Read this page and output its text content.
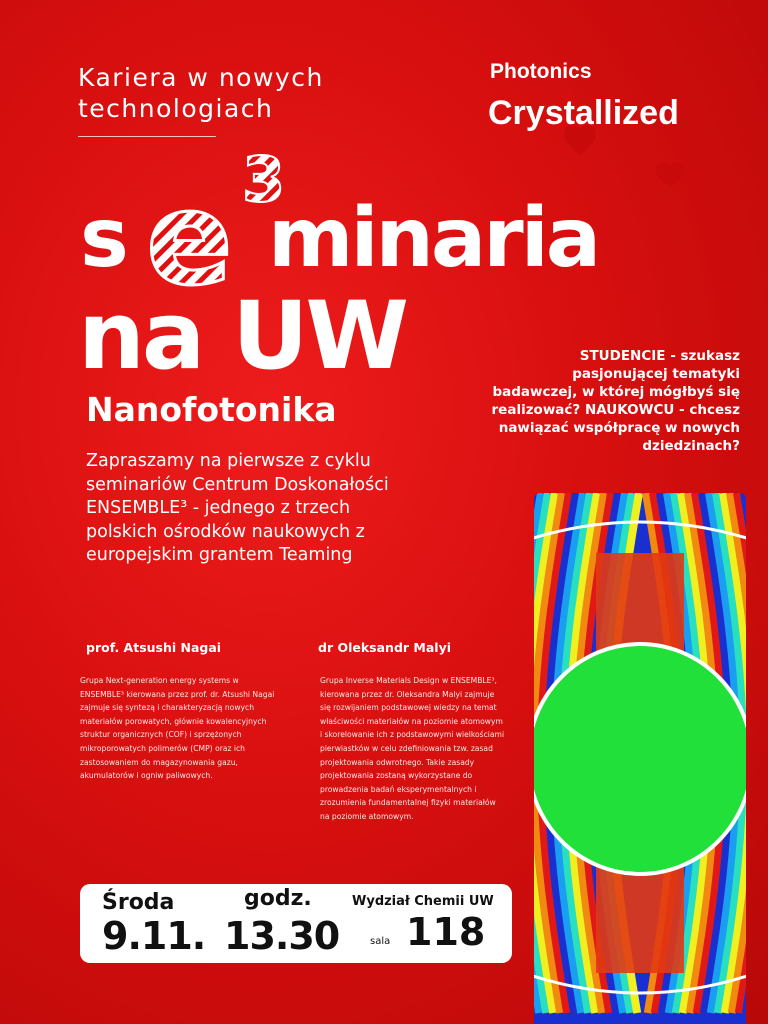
Kariera w nowych technologiach
Photonics
Crystallized
s e 3
minaria
na UW
Nanofotonika
STUDENCIE - szukasz pasjonującej tematyki badawczej, w której mógłbyś się realizować? NAUKOWCU - chcesz nawiązać współpracę w nowych dziedzinach?
Zapraszamy na pierwsze z cyklu seminariów Centrum Doskonałości ENSEMBLE³ - jednego z trzech polskich ośrodków naukowych z europejskim grantem Teaming
prof. Atsushi Nagai
Grupa Next-generation energy systems w ENSEMBLE³ kierowana przez prof. dr. Atsushi Nagai zajmuje się syntezą i charakteryzacją nowych materiałów porowatych, głównie kowalencyjnych struktur organicznych (COF) i sprzężonych mikroporowatych polimerów (CMP) oraz ich zastosowaniem do magazynowania gazu, akumulatorów i ogniw paliwowych.
dr Oleksandr Malyi
Grupa Inverse Materials Design w ENSEMBLE³, kierowana przez dr. Oleksandra Malyi zajmuje się rozwijaniem podstawowej wiedzy na temat właściwości materiałów na poziomie atomowym i skorelowanie ich z podstawowymi wielkościami pierwiastków w celu zdefiniowania tzw. zasad projektowania odwrotnego. Takie zasady projektowania zostaną wykorzystane do prowadzenia badań eksperymentalnych i zrozumienia fundamentalnej fizyki materiałów na poziomie atomowym.
Środa
9.11.
godz.
13.30
Wydział Chemii UW
sala 118
